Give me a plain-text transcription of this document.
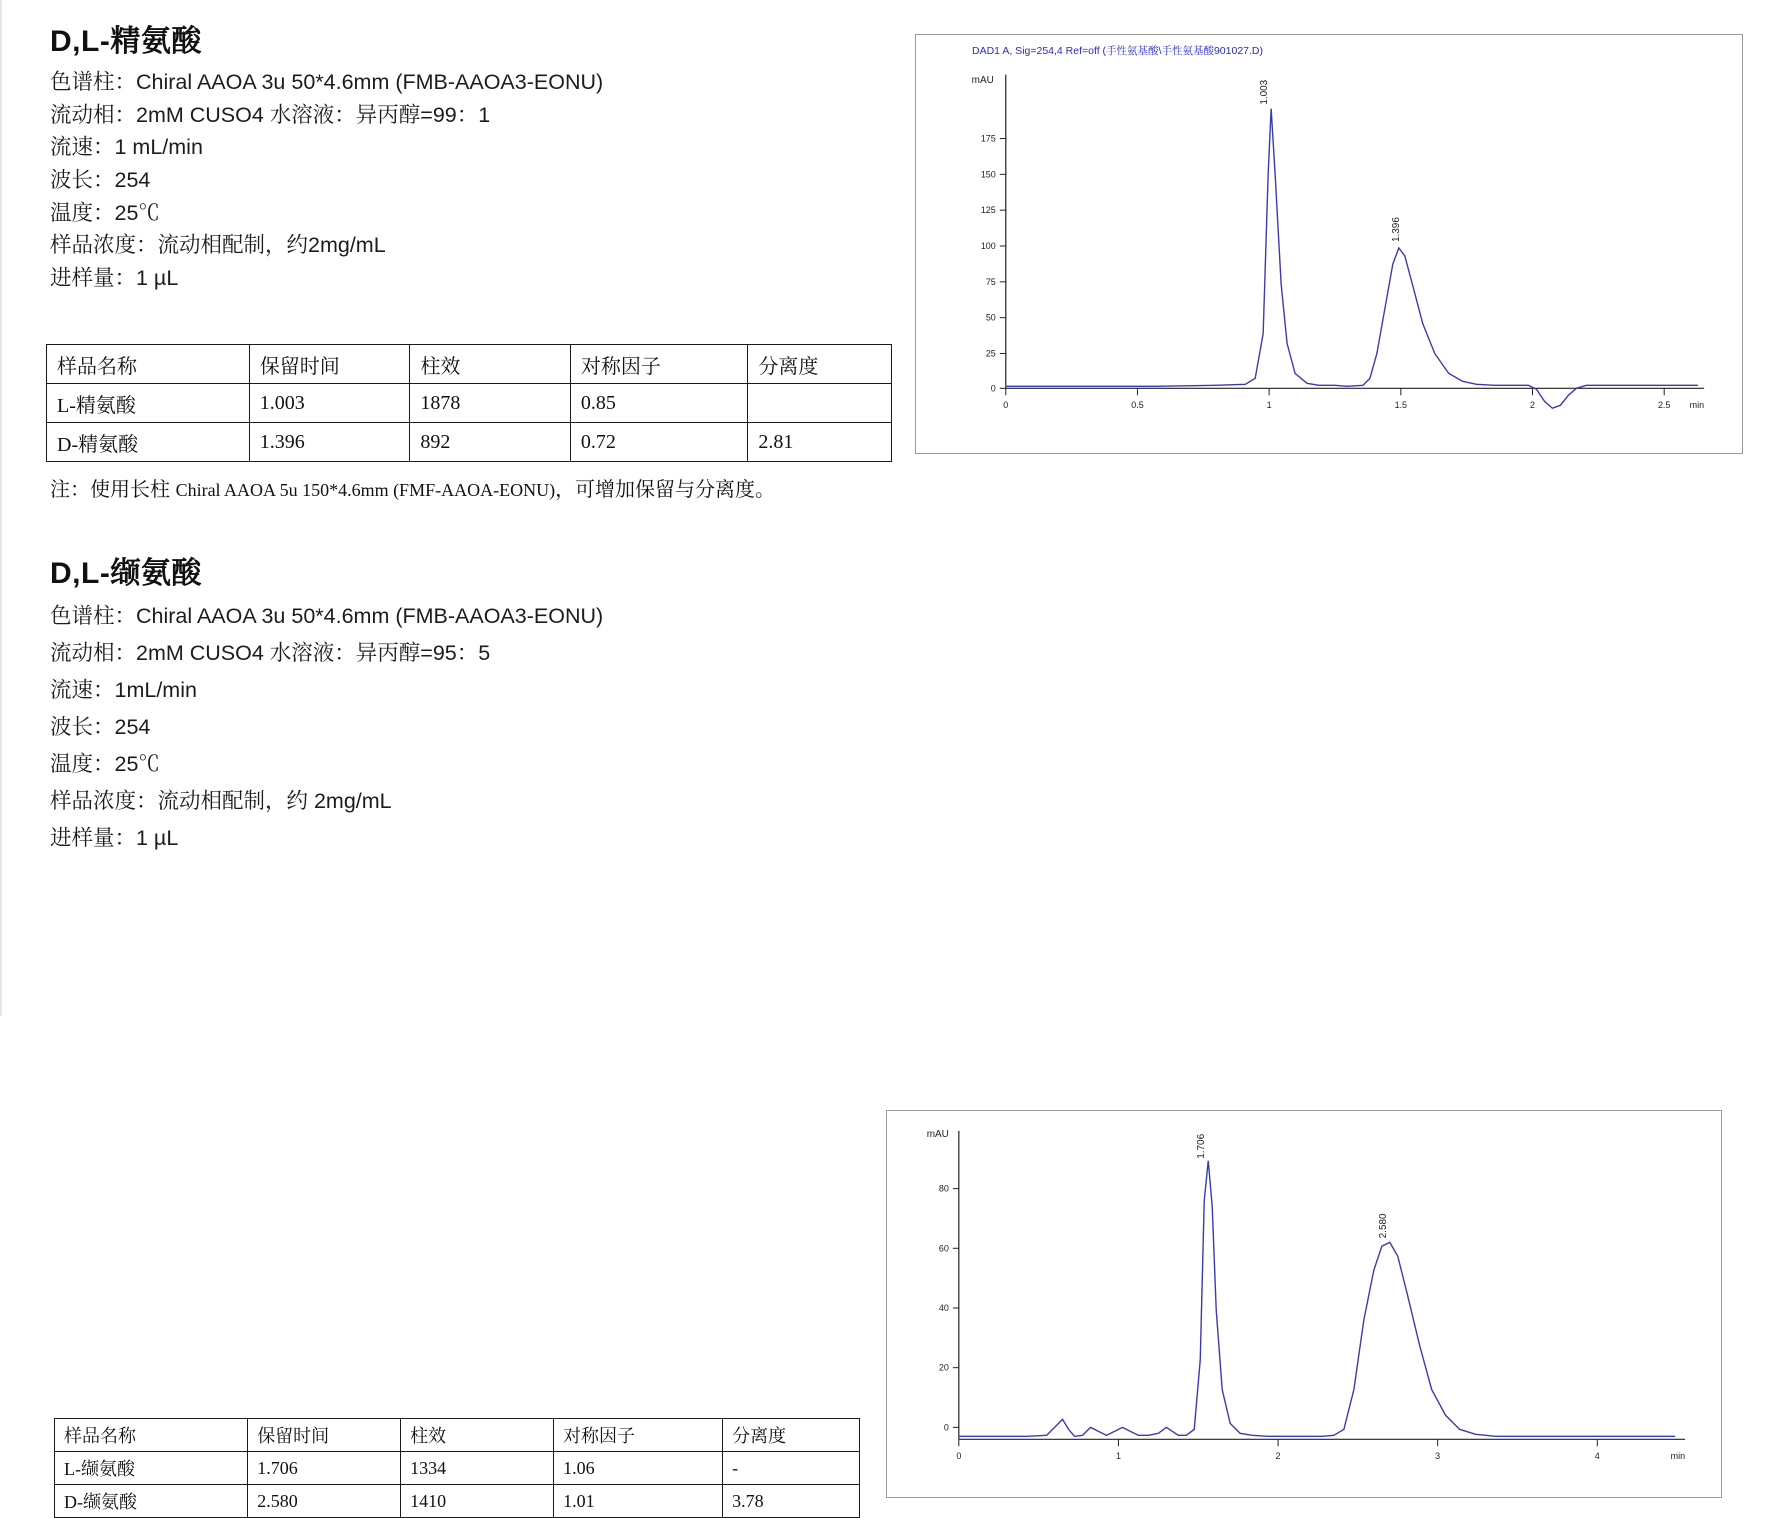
D,L-精氨酸
色谱柱：Chiral AAOA 3u 50*4.6mm (FMB-AAOA3-EONU)
流动相：2mM CUSO4 水溶液：异丙醇=99：1
流速：1 mL/min
波长：254
温度：25℃
样品浓度：流动相配制，约2mg/mL
进样量：1 µL
样品名称	保留时间	柱效	对称因子	分离度
L-精氨酸	1.003	1878	0.85	
D-精氨酸	1.396	892	0.72	2.81
注：使用长柱 Chiral AAOA 5u 150*4.6mm (FMF-AAOA-EONU)，可增加保留与分离度。
DAD1 A, Sig=254,4 Ref=off (手性氨基酸\手性氨基酸901027.D)
0
25
50
75
100
125
150
175
mAU
0	0.5	1	1.5	2	2.5 min
1.003
1.396
D,L-缬氨酸
色谱柱：Chiral AAOA 3u 50*4.6mm (FMB-AAOA3-EONU)
流动相：2mM CUSO4 水溶液：异丙醇=95：5
流速：1mL/min
波长：254
温度：25℃
样品浓度：流动相配制，约 2mg/mL
进样量：1 µL
样品名称	保留时间	柱效	对称因子	分离度
L-缬氨酸	1.706	1334	1.06	-
D-缬氨酸	2.580	1410	1.01	3.78
0
20
40
60
80
mAU
0	1	2	3	4	min
1.706
2.580
